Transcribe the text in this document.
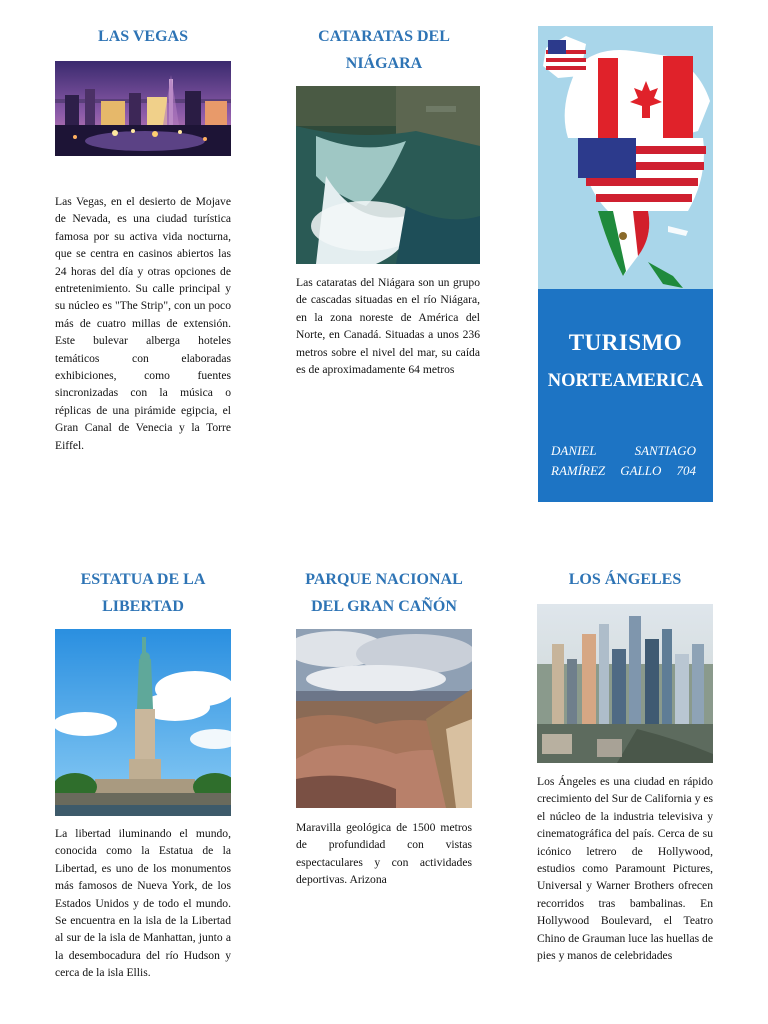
LAS VEGAS

Las Vegas, en el desierto de Mojave de Nevada, es una ciudad turística famosa por su activa vida nocturna, que se centra en casinos abiertos las 24 horas del día y otras opciones de entretenimiento. Su calle principal y su núcleo es "The Strip", con un poco más de cuatro millas de extensión. Este bulevar alberga hoteles temáticos con elaboradas exhibiciones, como fuentes sincronizadas con la música o réplicas de una pirámide egipcia, el Gran Canal de Venecia y la Torre Eiffel.

CATARATAS DEL
NIÁGARA

Las cataratas del Niágara son un grupo de cascadas situadas en el río Niágara, en la zona noreste de América del Norte, en Canadá. Situadas a unos 236 metros sobre el nivel del mar, su caída es de aproximadamente 64 metros

TURISMO

NORTEAMERICA

DANIEL SANTIAGO
RAMÍREZ GALLO 704

ESTATUA DE LA
LIBERTAD

La libertad iluminando el mundo, conocida como la Estatua de la Libertad, es uno de los monumentos más famosos de Nueva York, de los Estados Unidos y de todo el mundo. Se encuentra en la isla de la Libertad al sur de la isla de Manhattan, junto a la desembocadura del río Hudson y cerca de la isla Ellis.

PARQUE NACIONAL
DEL GRAN CAÑÓN

Maravilla geológica de 1500 metros de profundidad con vistas espectaculares y con actividades deportivas. Arizona

LOS ÁNGELES

Los Ángeles es una ciudad en rápido crecimiento del Sur de California y es el núcleo de la industria televisiva y cinematográfica del país. Cerca de su icónico letrero de Hollywood, estudios como Paramount Pictures, Universal y Warner Brothers ofrecen recorridos tras bambalinas. En Hollywood Boulevard, el Teatro Chino de Grauman luce las huellas de pies y manos de celebridades
